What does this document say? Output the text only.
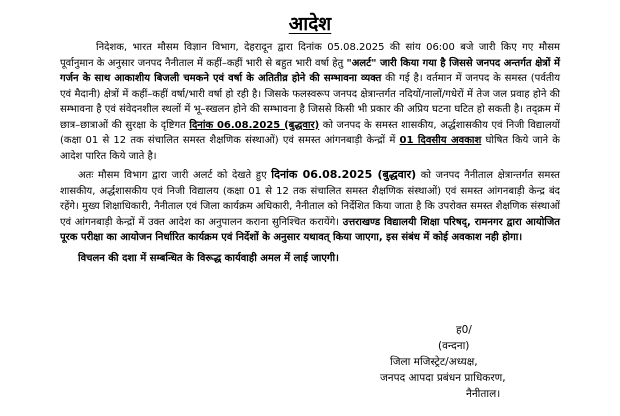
आदेश

निदेशक, भारत मौसम विज्ञान विभाग, देहरादून द्वारा दिनांक 05.08.2025 की सांय 06:00 बजे जारी किए गए मौसम पूर्वानुमान के अनुसार जनपद नैनीताल में कहीं–कहीं भारी से बहुत भारी वर्षा हेतु "अलर्ट" जारी किया गया है जिससे जनपद अन्तर्गत क्षेत्रों में गर्जन के साथ आकाशीय बिजली चमकने एवं वर्षा के अतितीव्र होने की सम्भावना व्यक्त की गई है। वर्तमान में जनपद के समस्त (पर्वतीय एवं मैदानी) क्षेत्रों में कहीं–कहीं वर्षा/भारी वर्षा हो रही है। जिसके फलस्वरूप जनपद क्षेत्रान्तर्गत नदियों/नालों/गधेरों में तेज जल प्रवाह होने की सम्भावना है एवं संवेदनशील स्थलों में भू–स्खलन होने की सम्भावना है जिससे किसी भी प्रकार की अप्रिय घटना घटित हो सकती है। तद्क्रम में छात्र–छात्राओं की सुरक्षा के दृष्टिगत दिनांक 06.08.2025 (बुद्धवार) को जनपद के समस्त शासकीय, अर्द्धशासकीय एवं निजी विद्यालयों (कक्षा 01 से 12 तक संचालित समस्त शैक्षणिक संस्थाओं) एवं समस्त आंगनबाड़ी केन्द्रों में 01 दिवसीय अवकाश घोषित किये जाने के आदेश पारित किये जाते है।

अतः मौसम विभाग द्वारा जारी अलर्ट को देखते हुए दिनांक 06.08.2025 (बुद्धवार) को जनपद नैनीताल क्षेत्रान्तर्गत समस्त शासकीय, अर्द्धशासकीय एवं निजी विद्यालय (कक्षा 01 से 12 तक संचालित समस्त शैक्षणिक संस्थाओं) एवं समस्त आंगनबाड़ी केन्द्र बंद रहेंगे। मुख्य शिक्षाधिकारी, नैनीताल एवं जिला कार्यक्रम अधिकारी, नैनीताल को निर्देशित किया जाता है कि उपरोक्त समस्त शैक्षणिक संस्थाओं एवं आंगनबाड़ी केन्द्रों में उक्त आदेश का अनुपालन कराना सुनिश्चित करायेंगे। उत्तराखण्ड विद्यालयी शिक्षा परिषद्, रामनगर द्वारा आयोजित पूरक परीक्षा का आयोजन निर्धारित कार्यक्रम एवं निर्देशों के अनुसार यथावत् किया जाएगा, इस संबंध में कोई अवकाश नही होगा।

विचलन की दशा में सम्बन्धित के विरूद्ध कार्यवाही अमल में लाई जाएगी।

ह0/
(वन्दना)
जिला मजिस्ट्रेट/अध्यक्ष,
जनपद आपदा प्रबंधन प्राधिकरण,
नैनीताल।
